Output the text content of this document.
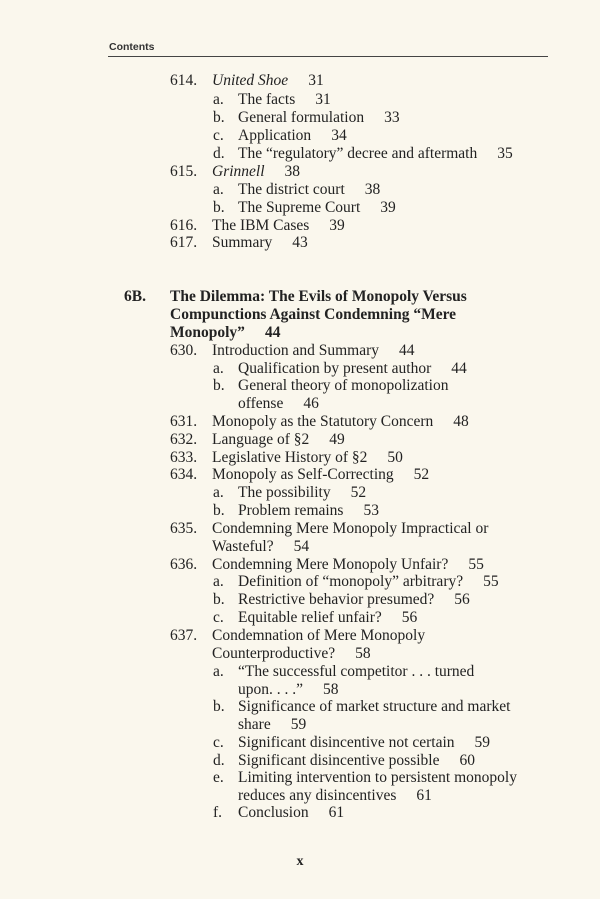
Contents
614. United Shoe 31
a. The facts 31
b. General formulation 33
c. Application 34
d. The “regulatory” decree and aftermath 35
615. Grinnell 38
a. The district court 38
b. The Supreme Court 39
616. The IBM Cases 39
617. Summary 43
6B. The Dilemma: The Evils of Monopoly Versus
Compunctions Against Condemning “Mere
Monopoly” 44
630. Introduction and Summary 44
a. Qualification by present author 44
b. General theory of monopolization
offense 46
631. Monopoly as the Statutory Concern 48
632. Language of §2 49
633. Legislative History of §2 50
634. Monopoly as Self-Correcting 52
a. The possibility 52
b. Problem remains 53
635. Condemning Mere Monopoly Impractical or
Wasteful? 54
636. Condemning Mere Monopoly Unfair? 55
a. Definition of “monopoly” arbitrary? 55
b. Restrictive behavior presumed? 56
c. Equitable relief unfair? 56
637. Condemnation of Mere Monopoly
Counterproductive? 58
a. “The successful competitor . . . turned
upon. . . .” 58
b. Significance of market structure and market
share 59
c. Significant disincentive not certain 59
d. Significant disincentive possible 60
e. Limiting intervention to persistent monopoly
reduces any disincentives 61
f. Conclusion 61
x
